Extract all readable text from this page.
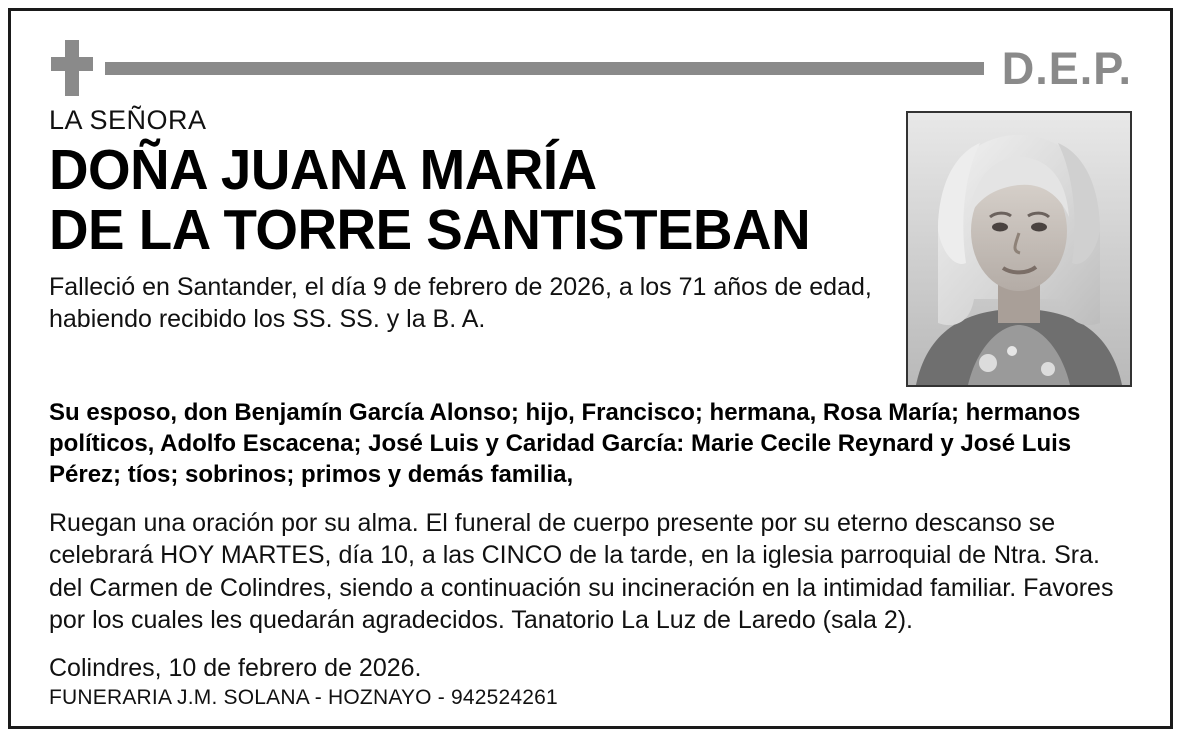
D.E.P.
LA SEÑORA
DOÑA JUANA MARÍA
DE LA TORRE SANTISTEBAN
Falleció en Santander, el día 9 de febrero de 2026, a los 71 años de edad, habiendo recibido los SS. SS. y la B. A.
Su esposo, don Benjamín García Alonso; hijo, Francisco; hermana, Rosa María; hermanos políticos, Adolfo Escacena; José Luis y Caridad García: Marie Cecile Reynard y José Luis Pérez; tíos; sobrinos; primos y demás familia,
Ruegan una oración por su alma. El funeral de cuerpo presente por su eterno descanso se celebrará HOY MARTES, día 10, a las CINCO de la tarde, en la iglesia parroquial de Ntra. Sra. del Carmen de Colindres, siendo a continuación su incineración en la intimidad familiar. Favores por los cuales les quedarán agradecidos. Tanatorio La Luz de Laredo (sala 2).
Colindres, 10 de febrero de 2026.
FUNERARIA J.M. SOLANA - HOZNAYO - 942524261
